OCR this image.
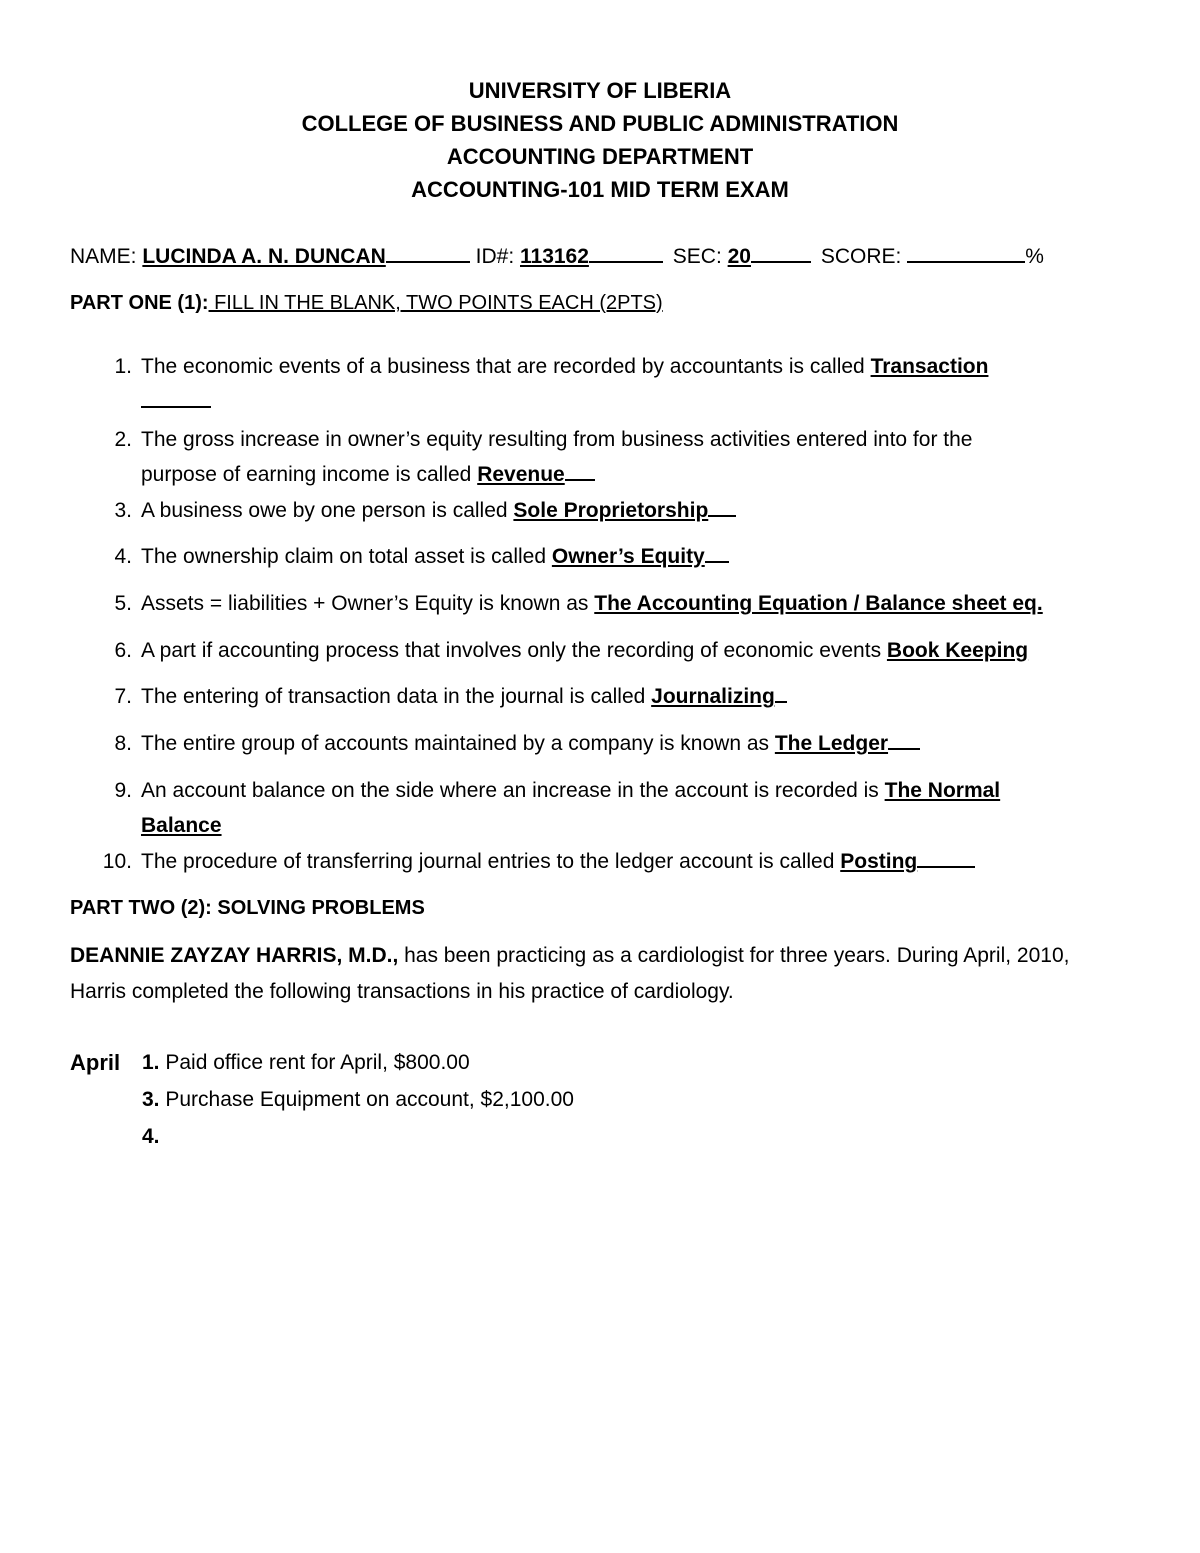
UNIVERSITY OF LIBERIA
COLLEGE OF BUSINESS AND PUBLIC ADMINISTRATION
ACCOUNTING DEPARTMENT
ACCOUNTING-101 MID TERM EXAM
NAME: LUCINDA A. N. DUNCAN	ID#: 113162	SEC: 20	SCORE:	%
PART ONE (1): FILL IN THE BLANK, TWO POINTS EACH (2PTS)
1. The economic events of a business that are recorded by accountants is called Transaction
2. The gross increase in owner’s equity resulting from business activities entered into for the
purpose of earning income is called Revenue
3. A business owe by one person is called Sole Proprietorship
4. The ownership claim on total asset is called Owner’s Equity
5. Assets = liabilities + Owner’s Equity is known as The Accounting Equation / Balance sheet eq.
6. A part if accounting process that involves only the recording of economic events Book Keeping
7. The entering of transaction data in the journal is called Journalizing
8. The entire group of accounts maintained by a company is known as The Ledger
9. An account balance on the side where an increase in the account is recorded is The Normal
Balance
10. The procedure of transferring journal entries to the ledger account is called Posting
PART TWO (2): SOLVING PROBLEMS
DEANNIE ZAYZAY HARRIS, M.D., has been practicing as a cardiologist for three years. During April, 2010, Harris completed the following transactions in his practice of cardiology.
April 1. Paid office rent for April, $800.00
3. Purchase Equipment on account, $2,100.00
4.
